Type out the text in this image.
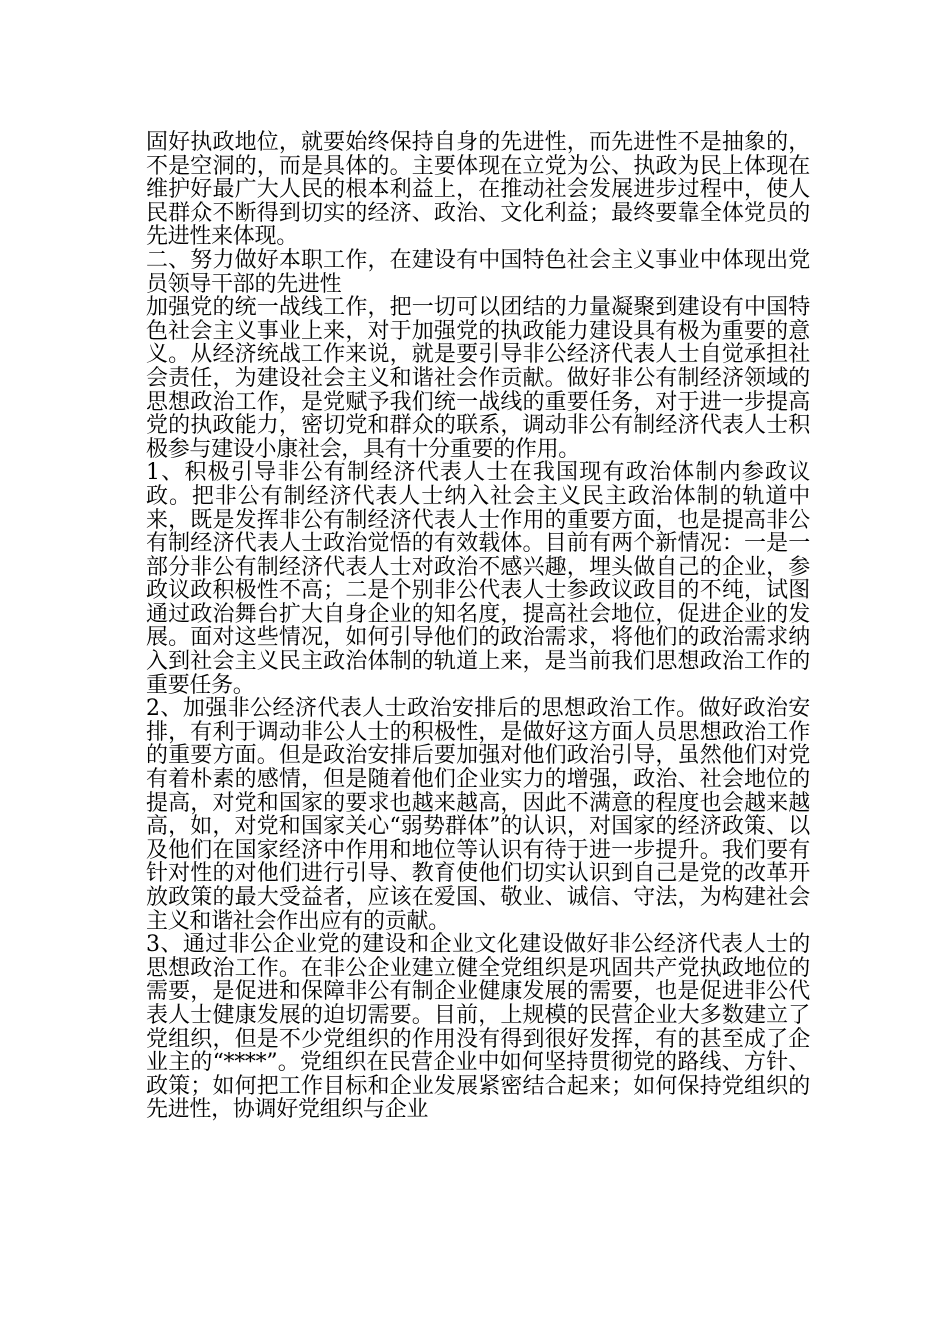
固好执政地位，就要始终保持自身的先进性，而先进性不是抽象的，不是空洞的，而是具体的。主要体现在立党为公、执政为民上体现在维护好最广大人民的根本利益上，在推动社会发展进步过程中，使人民群众不断得到切实的经济、政治、文化利益；最终要靠全体党员的先进性来体现。

二、努力做好本职工作，在建设有中国特色社会主义事业中体现出党员领导干部的先进性

加强党的统一战线工作，把一切可以团结的力量凝聚到建设有中国特色社会主义事业上来，对于加强党的执政能力建设具有极为重要的意义。从经济统战工作来说，就是要引导非公经济代表人士自觉承担社会责任，为建设社会主义和谐社会作贡献。做好非公有制经济领域的思想政治工作，是党赋予我们统一战线的重要任务，对于进一步提高党的执政能力，密切党和群众的联系，调动非公有制经济代表人士积极参与建设小康社会，具有十分重要的作用。

1、积极引导非公有制经济代表人士在我国现有政治体制内参政议政。把非公有制经济代表人士纳入社会主义民主政治体制的轨道中来，既是发挥非公有制经济代表人士作用的重要方面，也是提高非公有制经济代表人士政治觉悟的有效载体。目前有两个新情况：一是一部分非公有制经济代表人士对政治不感兴趣，埋头做自己的企业，参政议政积极性不高；二是个别非公代表人士参政议政目的不纯，试图通过政治舞台扩大自身企业的知名度，提高社会地位，促进企业的发展。面对这些情况，如何引导他们的政治需求，将他们的政治需求纳入到社会主义民主政治体制的轨道上来，是当前我们思想政治工作的重要任务。

2、加强非公经济代表人士政治安排后的思想政治工作。做好政治安排，有利于调动非公人士的积极性，是做好这方面人员思想政治工作的重要方面。但是政治安排后要加强对他们政治引导，虽然他们对党有着朴素的感情，但是随着他们企业实力的增强，政治、社会地位的提高，对党和国家的要求也越来越高，因此不满意的程度也会越来越高，如，对党和国家关心“弱势群体”的认识，对国家的经济政策、以及他们在国家经济中作用和地位等认识有待于进一步提升。我们要有针对性的对他们进行引导、教育使他们切实认识到自己是党的改革开放政策的最大受益者，应该在爱国、敬业、诚信、守法，为构建社会主义和谐社会作出应有的贡献。

3、通过非公企业党的建设和企业文化建设做好非公经济代表人士的思想政治工作。在非公企业建立健全党组织是巩固共产党执政地位的需要，是促进和保障非公有制企业健康发展的需要，也是促进非公代表人士健康发展的迫切需要。目前，上规模的民营企业大多数建立了党组织，但是不少党组织的作用没有得到很好发挥，有的甚至成了企业主的“****”。党组织在民营企业中如何坚持贯彻党的路线、方针、政策；如何把工作目标和企业发展紧密结合起来；如何保持党组织的先进性，协调好党组织与企业
